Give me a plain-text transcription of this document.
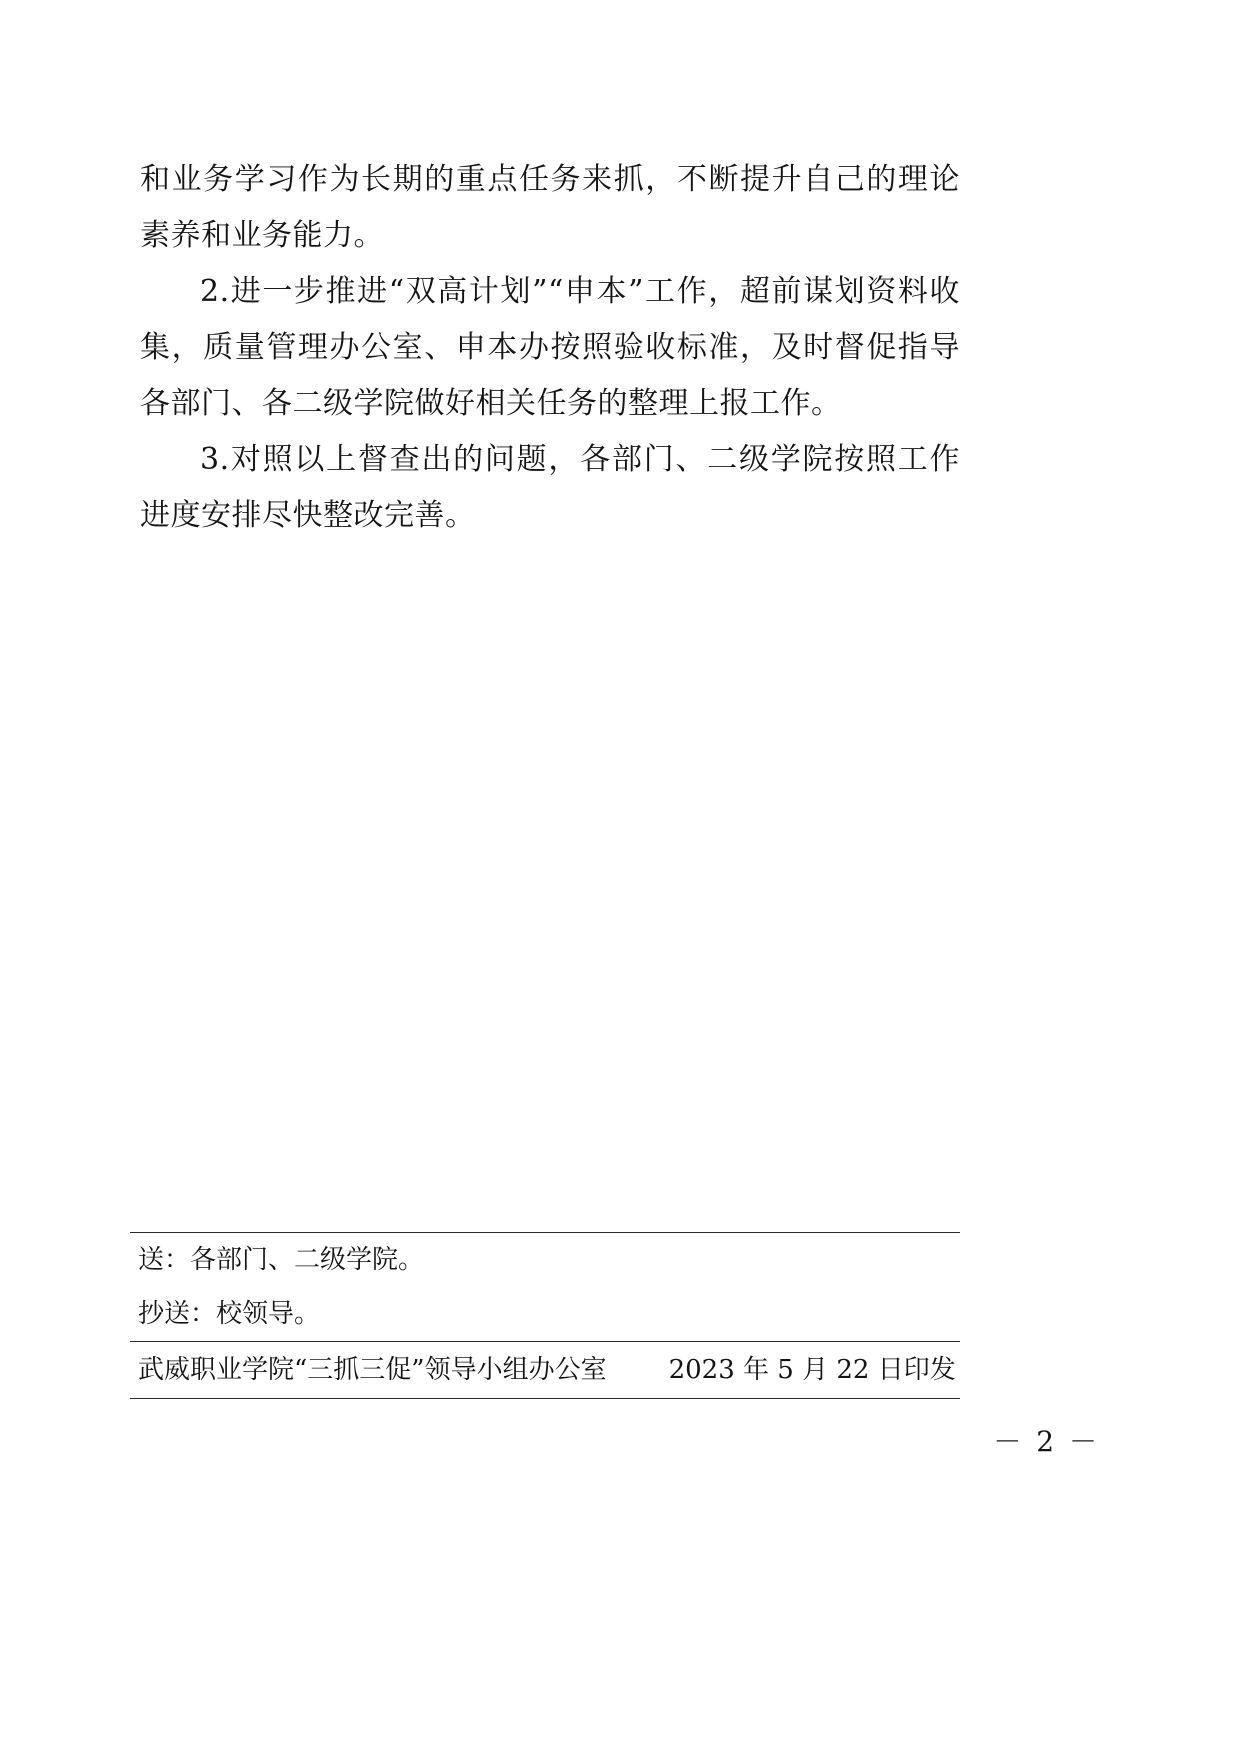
和业务学习作为长期的重点任务来抓，不断提升自己的理论素养和业务能力。

2.进一步推进“双高计划”“申本”工作，超前谋划资料收集，质量管理办公室、申本办按照验收标准，及时督促指导各部门、各二级学院做好相关任务的整理上报工作。

3.对照以上督查出的问题，各部门、二级学院按照工作进度安排尽快整改完善。

送：各部门、二级学院。
抄送：校领导。
武威职业学院“三抓三促”领导小组办公室 2023 年 5 月 22 日印发
－ 2 －
